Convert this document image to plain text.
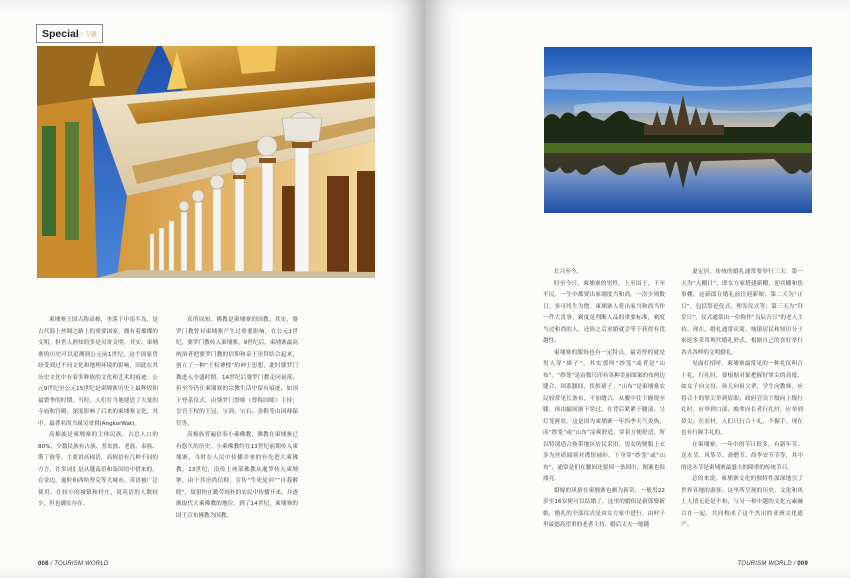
Special / 专题

柬埔寨王国古称高棉，坐落于中南半岛，是古代海上丝绸之路上的重要国家，拥有着璀璨的文明。但世人熟知的多是吴哥文明。其实，柬埔寨的历史可以追溯到公元前1世纪，这个国家曾经受到过不同文化和地理环境的影响，因此在其历史文化中有着多种族的文化和艺术的痕迹。公元9世纪至公元15世纪是柬埔寨历史上最辉煌和最繁华的时期，当时，人们在当地建造了大量的寺庙和宫殿，深度影响了后来的柬埔寨文化，其中，最著名的当属吴哥窟(AngkorWat)。

高棉族是柬埔寨的主体民族，占总人口的80%，少数民族有占族、普农族、老族、泰族、斯丁族等。主要讲高棉语，高棉语有几种不同的方言，许多词汇是从越南语和泰国语中借来的。在金边，暹粒和西哈努克等大城市，英语被广泛使用。在较小的城镇和村庄，说英语的人数较少，但也确实存在。

众所周知，佛教是柬埔寨的国教。其实，婆罗门教曾对柬埔寨产生过重要影响。在公元1世纪，婆罗门教传入柬埔寨，9世纪后，柬埔寨最高统治者把婆罗门教的信仰和帝王崇拜结合起来，创立了一种“王权神授”的神王思想，此时婆罗门教进入全盛时期。14世纪后婆罗门教走向衰落，但至今仍在柬埔寨的宗教生活中留有痕迹，如国王登基仪式，由婆罗门祭师（尊称国师）主持；皇宫王权的王冠、宝剑、宝石、金鞋等由国师保管等。

高棉族普遍信奉小乘佛教，佛教在柬埔寨已有悠久的历史。小乘佛教约在13世纪前期传入柬埔寨，当时在人民中传播并来的有先进大乘佛教。13世纪，南传上座部佛教从暹罗传入柬埔寨，由于其崇尚信仰，宣传“生死轮回”“自我解脱”，故很快在勤劳纯朴的农民中传播开来，并逐渐取代大乘佛教的地位。到了14世纪，柬埔寨的国王宣布佛教为国教。

008 / TOURISM WORLD

长兴至今。

时至今日，柬埔寨的男性，上至国王，下至平民，一生中都要出家剃度当和尚，一次少则数日，多可终生为僧。柬埔寨人将出家当和尚当作一件大喜事，剃度是判断人品的重要标准，剃度当过和尚的人，还俗之后求婚就会等于获得有优越性。

柬埔寨的服饰也有一定特点。最奇怪的就是男人穿“裙子”，其实那叫“纱笼”或者是“山布”。“纱笼”是由数尺印有各种美丽图案的布两边缝合，围系腰间，状似裙子。“山布”是柬埔寨农民较常见长条布，不加缝合，从腰中往下缠绕至膝，再由腿间掖下穿过，在背后紧紧于腰部，呈灯笼裤状。这是因为柬埔寨一年四季天气炎热，而“纱笼”或“山布”凉爽舒适，穿着方便舒适，所以特别适合热带地区居民采用。男女的便服上衣多为丝质圆领对襟短袖衫，下身穿“纱笼”或“山布”，通常是们在腰间还要围一条围巾，图案也很漂亮。

婚嫁的风俗在柬埔寨也颇为新奇，一般男22岁至16岁便可以结婚了，这里的婚俗是新郎娶新娘，婚礼的全部仪式是由女方家中进行，由村子里最德高望重的老者主持，婚后丈夫一般随

妻定居。传统的婚礼通常要举行三天：第一天为“入棚日”，即女方家搭建新棚，迎宾棚和饮事棚，这新郎在婚礼前往迎新娘；第二天为“正日”，包括祭祀仪式、理发仪式等；第三天为“拜堂日”，仪式通常由一位称作“良辰吉日”的老人主持。现在，婚礼通常从简，城镇居民和知识分子家庭多采用现代婚礼形式，根据自己的喜好举行各式各样的文明婚礼。

见面打招呼，柬埔寨最常见的一种礼仪叫合十礼，行礼时，要根据对象把握好掌尖的高度，如女子向父母，孙儿向祖父辈，学生向教师，应将合十的掌尖举到眉眼；政府官员下级向上级行礼时，应举到口部；晚辈向长者行礼时，应举到鼻尖；在农村，人们只行合十礼，不握手。现在也有行握手礼的。

在柬埔寨，一年中的节日很多，有新年节、送水节、风筝节、斋僧节、尚李安节节等，其中的送水节是柬埔寨最盛大的隆重的传统节日。

总的来说，柬埔寨文化的独特性深深地引了世界各地的游客。这里所呈现的历史，文化和风土人情无论是不和，与另一和中越的文化元素融合在一起，共同构成了这个杰出的亚洲文化遗产。

TOURISM WORLD / 009
